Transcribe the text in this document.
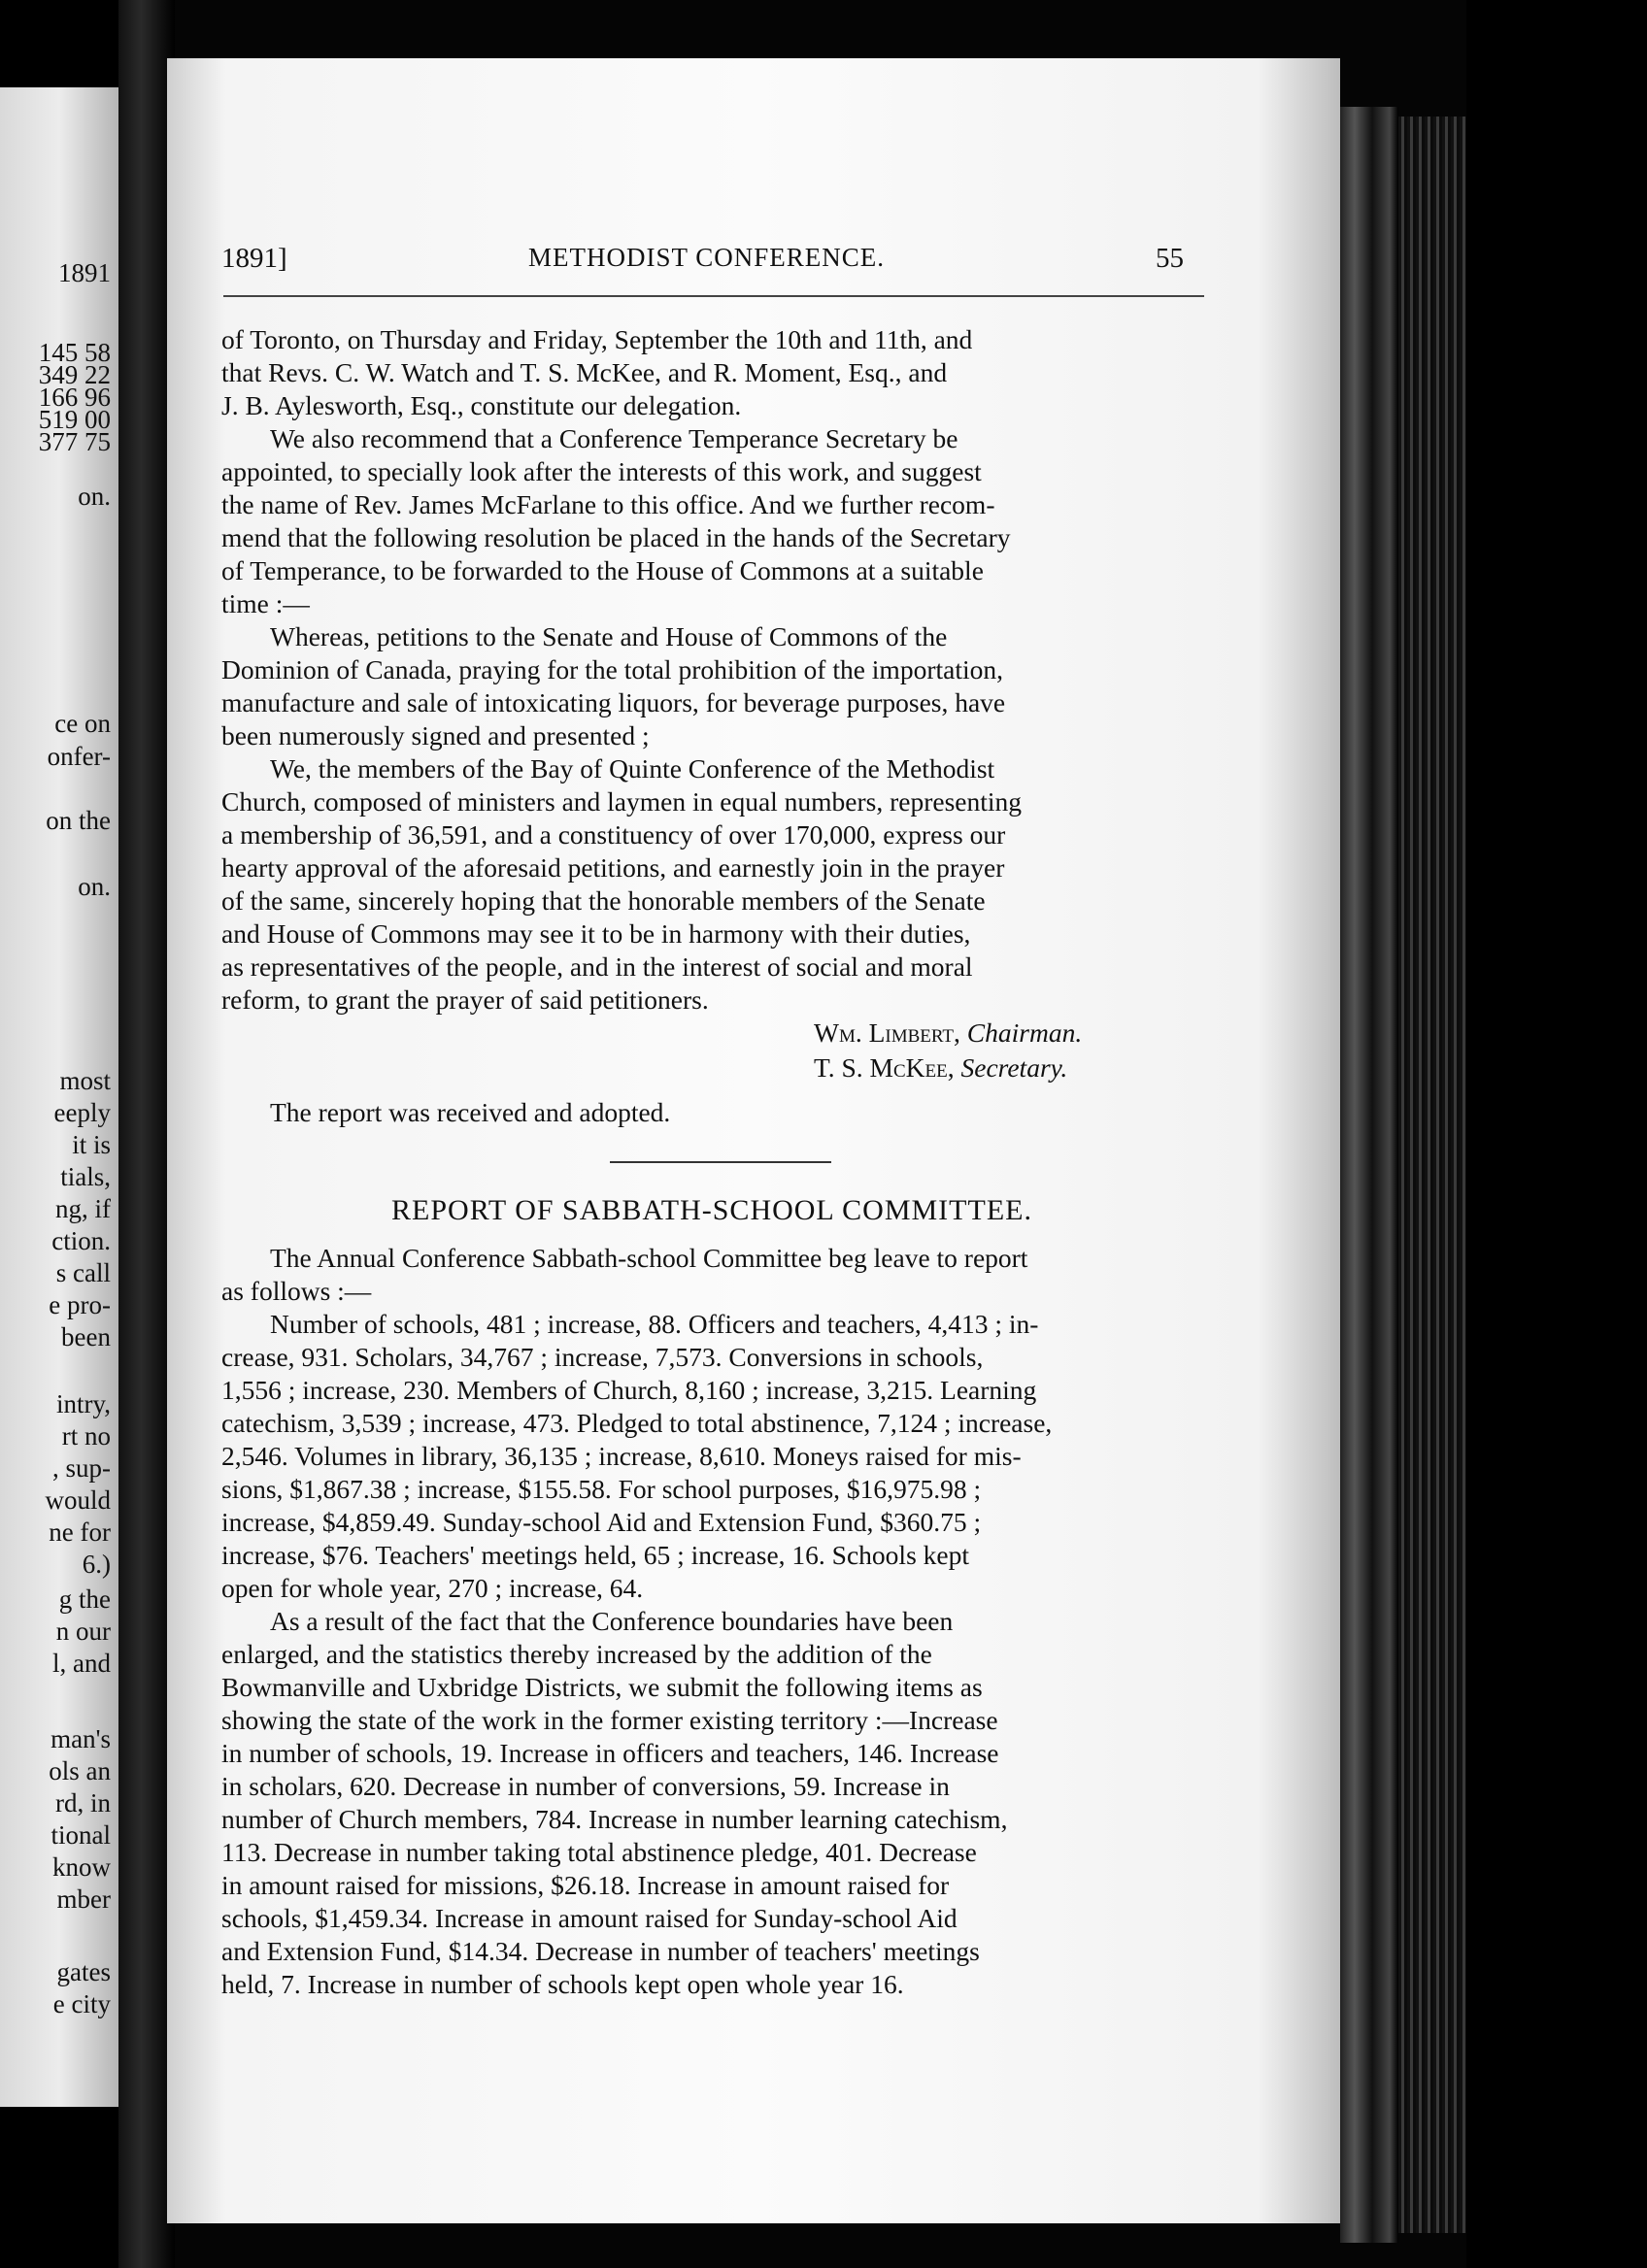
1891
145 58
349 22
166 96
519 00
377 75
on.
ce on
onfer-
on the
on.
most
eeply
it is
tials,
ng, if
ction.
s call
e pro-
been
intry,
rt no
, sup-
would
ne for
6.)
g the
n our
l, and
man's
ols an
rd, in
tional
know
mber
gates
e city
1891]	METHODIST CONFERENCE.	55
of Toronto, on Thursday and Friday, September the 10th and 11th, and
that Revs. C. W. Watch and T. S. McKee, and R. Moment, Esq., and
J. B. Aylesworth, Esq., constitute our delegation.
We also recommend that a Conference Temperance Secretary be
appointed, to specially look after the interests of this work, and suggest
the name of Rev. James McFarlane to this office. And we further recom-
mend that the following resolution be placed in the hands of the Secretary
of Temperance, to be forwarded to the House of Commons at a suitable
time :—
Whereas, petitions to the Senate and House of Commons of the
Dominion of Canada, praying for the total prohibition of the importation,
manufacture and sale of intoxicating liquors, for beverage purposes, have
been numerously signed and presented ;
We, the members of the Bay of Quinte Conference of the Methodist
Church, composed of ministers and laymen in equal numbers, representing
a membership of 36,591, and a constituency of over 170,000, express our
hearty approval of the aforesaid petitions, and earnestly join in the prayer
of the same, sincerely hoping that the honorable members of the Senate
and House of Commons may see it to be in harmony with their duties,
as representatives of the people, and in the interest of social and moral
reform, to grant the prayer of said petitioners.
Wm. Limbert, Chairman.
T. S. McKee, Secretary.
The report was received and adopted.
REPORT OF SABBATH-SCHOOL COMMITTEE.
The Annual Conference Sabbath-school Committee beg leave to report
as follows :—
Number of schools, 481 ; increase, 88. Officers and teachers, 4,413 ; in-
crease, 931. Scholars, 34,767 ; increase, 7,573. Conversions in schools,
1,556 ; increase, 230. Members of Church, 8,160 ; increase, 3,215. Learning
catechism, 3,539 ; increase, 473. Pledged to total abstinence, 7,124 ; increase,
2,546. Volumes in library, 36,135 ; increase, 8,610. Moneys raised for mis-
sions, $1,867.38 ; increase, $155.58. For school purposes, $16,975.98 ;
increase, $4,859.49. Sunday-school Aid and Extension Fund, $360.75 ;
increase, $76. Teachers' meetings held, 65 ; increase, 16. Schools kept
open for whole year, 270 ; increase, 64.
As a result of the fact that the Conference boundaries have been
enlarged, and the statistics thereby increased by the addition of the
Bowmanville and Uxbridge Districts, we submit the following items as
showing the state of the work in the former existing territory :—Increase
in number of schools, 19. Increase in officers and teachers, 146. Increase
in scholars, 620. Decrease in number of conversions, 59. Increase in
number of Church members, 784. Increase in number learning catechism,
113. Decrease in number taking total abstinence pledge, 401. Decrease
in amount raised for missions, $26.18. Increase in amount raised for
schools, $1,459.34. Increase in amount raised for Sunday-school Aid
and Extension Fund, $14.34. Decrease in number of teachers' meetings
held, 7. Increase in number of schools kept open whole year 16.
